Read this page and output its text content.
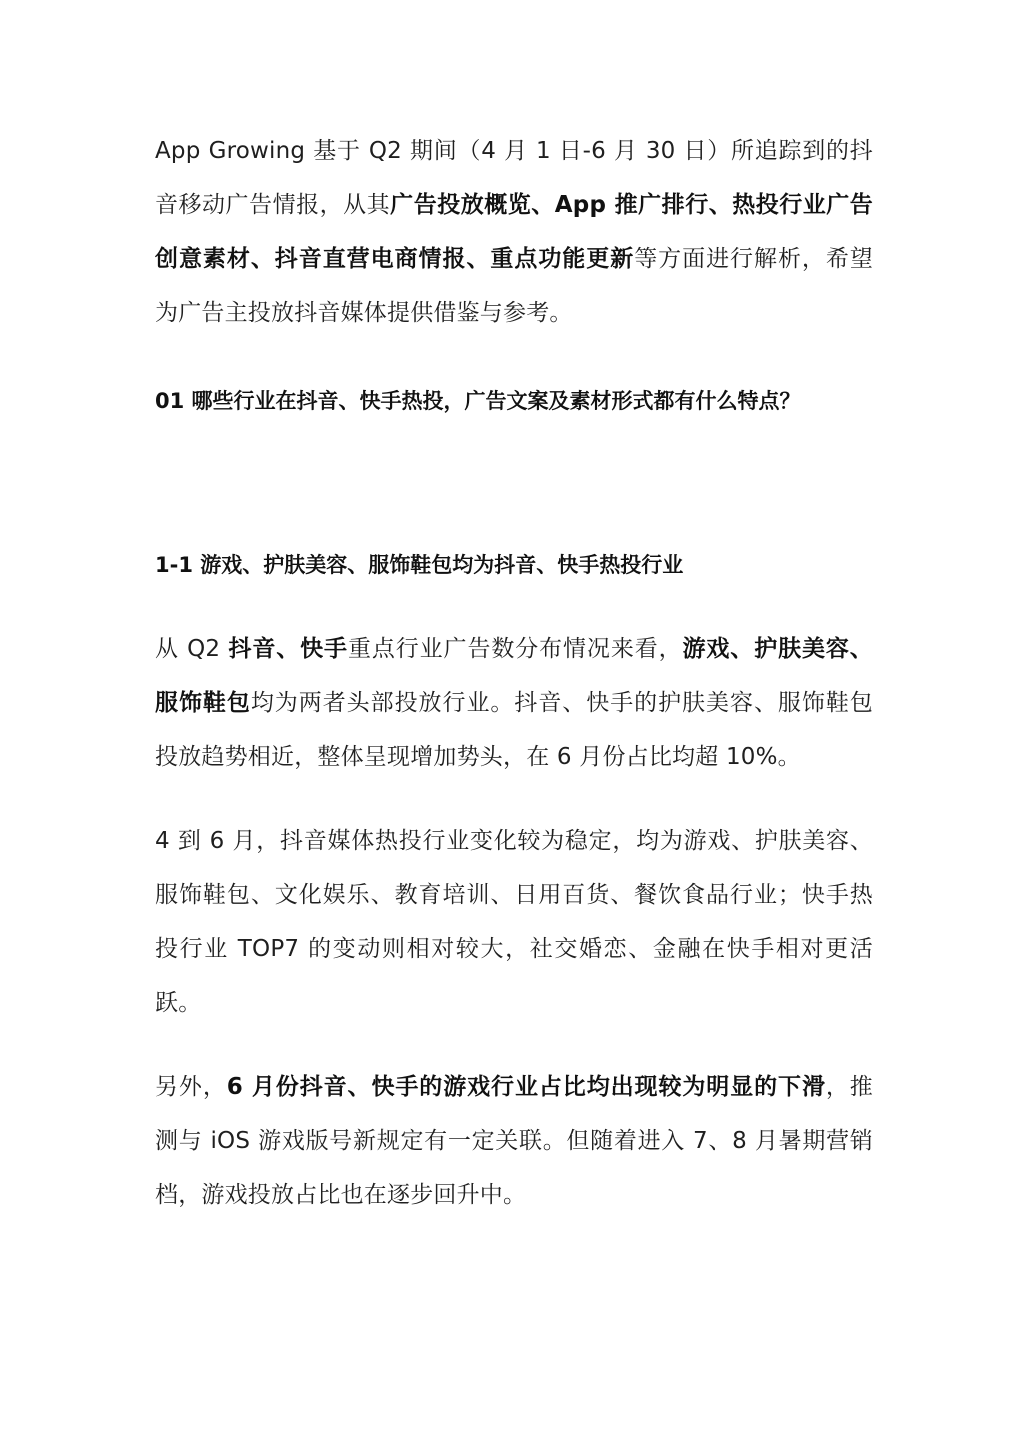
App Growing 基于 Q2 期间（4 月 1 日-6 月 30 日）所追踪到的抖音移动广告情报，从其广告投放概览、App 推广排行、热投行业广告创意素材、抖音直营电商情报、重点功能更新等方面进行解析，希望为广告主投放抖音媒体提供借鉴与参考。

01 哪些行业在抖音、快手热投，广告文案及素材形式都有什么特点？

1-1 游戏、护肤美容、服饰鞋包均为抖音、快手热投行业

从 Q2 抖音、快手重点行业广告数分布情况来看，游戏、护肤美容、服饰鞋包均为两者头部投放行业。抖音、快手的护肤美容、服饰鞋包投放趋势相近，整体呈现增加势头，在 6 月份占比均超 10%。

4 到 6 月，抖音媒体热投行业变化较为稳定，均为游戏、护肤美容、服饰鞋包、文化娱乐、教育培训、日用百货、餐饮食品行业；快手热投行业 TOP7 的变动则相对较大，社交婚恋、金融在快手相对更活跃。

另外，6 月份抖音、快手的游戏行业占比均出现较为明显的下滑，推测与 iOS 游戏版号新规定有一定关联。但随着进入 7、8 月暑期营销档，游戏投放占比也在逐步回升中。
